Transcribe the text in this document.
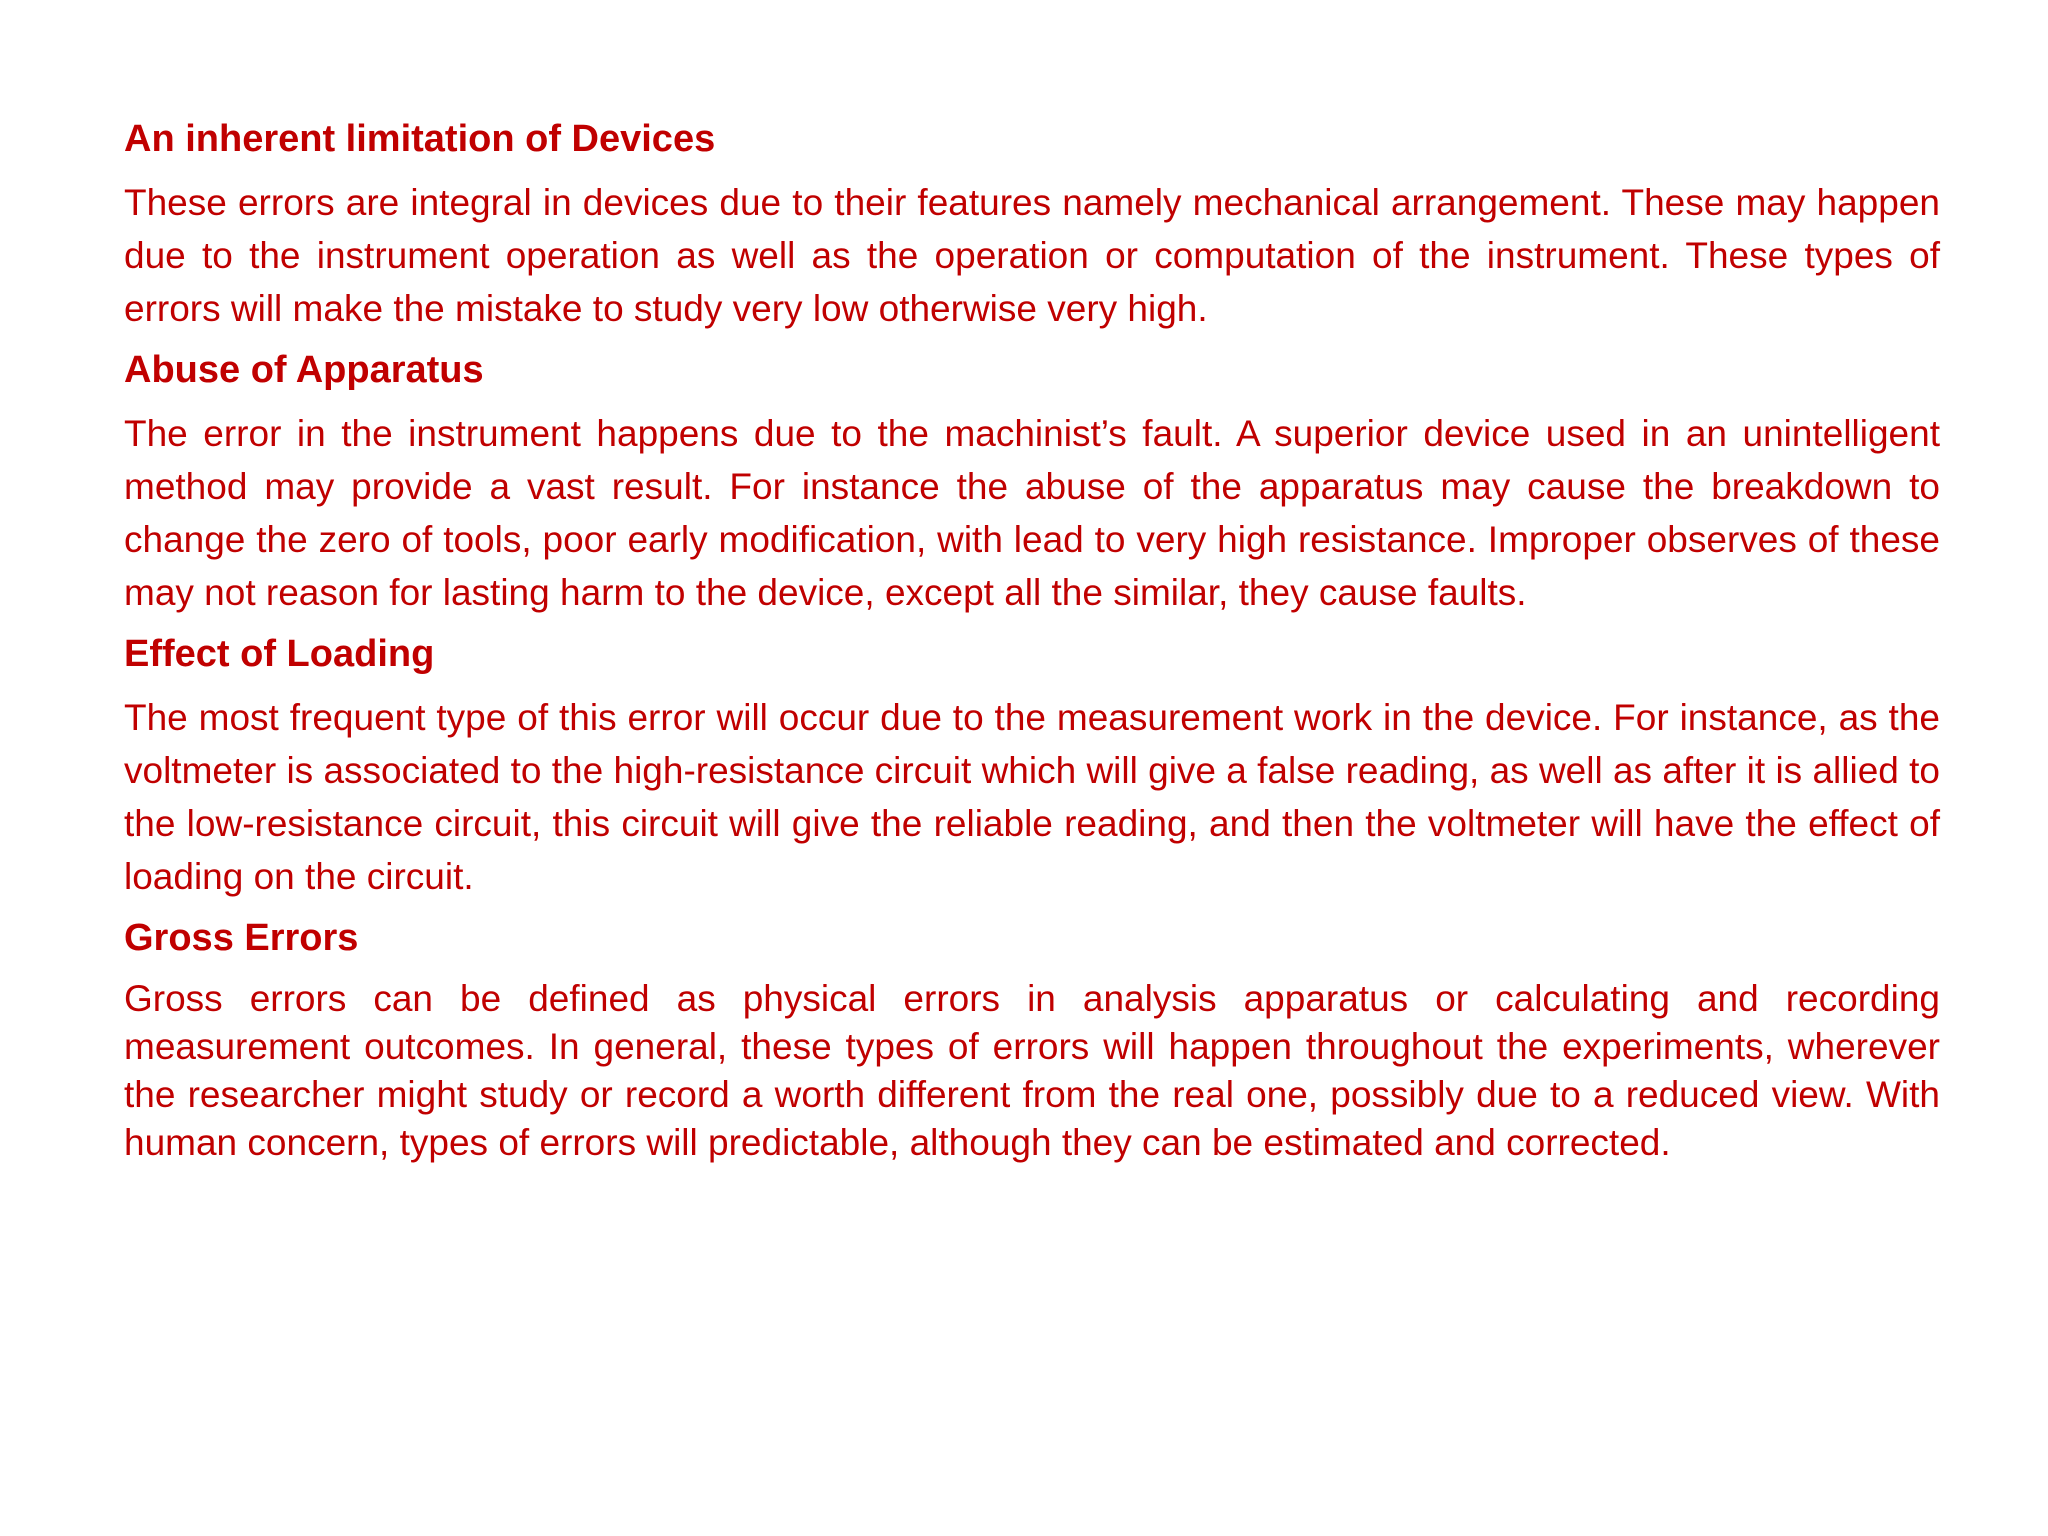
An inherent limitation of Devices
These errors are integral in devices due to their features namely mechanical arrangement. These may happen due to the instrument operation as well as the operation or computation of the instrument. These types of errors will make the mistake to study very low otherwise very high.
Abuse of Apparatus
The error in the instrument happens due to the machinist’s fault. A superior device used in an unintelligent method may provide a vast result. For instance the abuse of the apparatus may cause the breakdown to change the zero of tools, poor early modification, with lead to very high resistance. Improper observes of these may not reason for lasting harm to the device, except all the similar, they cause faults.
Effect of Loading
The most frequent type of this error will occur due to the measurement work in the device. For instance, as the voltmeter is associated to the high-resistance circuit which will give a false reading, as well as after it is allied to the low-resistance circuit, this circuit will give the reliable reading, and then the voltmeter will have the effect of loading on the circuit.
Gross Errors
Gross errors can be defined as physical errors in analysis apparatus or calculating and recording measurement outcomes. In general, these types of errors will happen throughout the experiments, wherever the researcher might study or record a worth different from the real one, possibly due to a reduced view. With human concern, types of errors will predictable, although they can be estimated and corrected.
